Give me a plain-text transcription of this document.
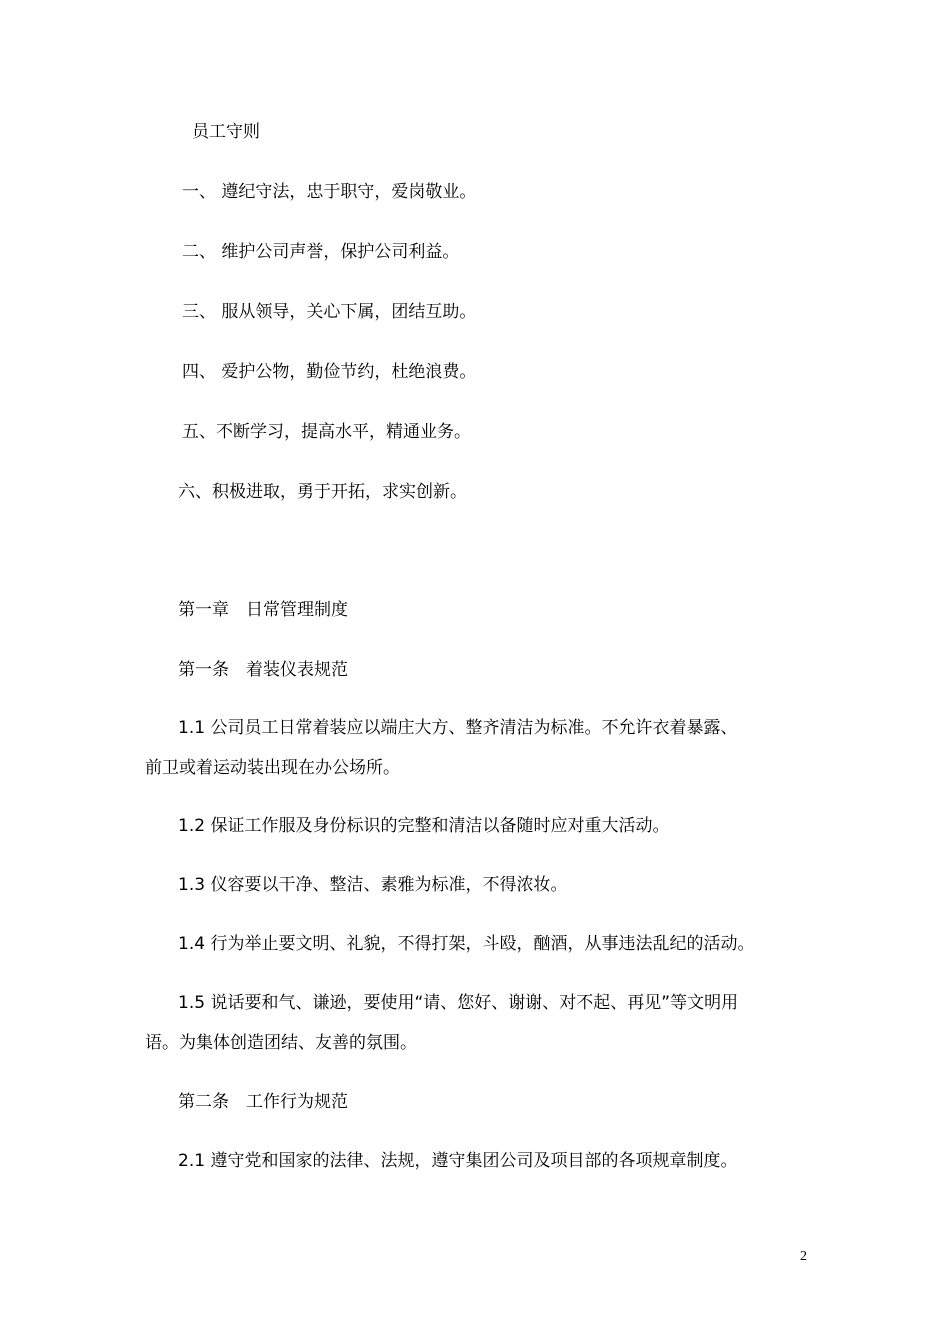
员工守则
一、 遵纪守法，忠于职守，爱岗敬业。
二、 维护公司声誉，保护公司利益。
三、 服从领导，关心下属，团结互助。
四、 爱护公物，勤俭节约，杜绝浪费。
五、不断学习，提高水平，精通业务。
六、积极进取，勇于开拓，求实创新。
第一章　日常管理制度
第一条　着装仪表规范
1.1 公司员工日常着装应以端庄大方、整齐清洁为标准。不允许衣着暴露、
前卫或着运动装出现在办公场所。
1.2 保证工作服及身份标识的完整和清洁以备随时应对重大活动。
1.3 仪容要以干净、整洁、素雅为标准，不得浓妆。
1.4 行为举止要文明、礼貌，不得打架，斗殴，酗酒，从事违法乱纪的活动。
1.5 说话要和气、谦逊，要使用“请、您好、谢谢、对不起、再见”等文明用
语。为集体创造团结、友善的氛围。
第二条　工作行为规范
2.1 遵守党和国家的法律、法规，遵守集团公司及项目部的各项规章制度。
2
